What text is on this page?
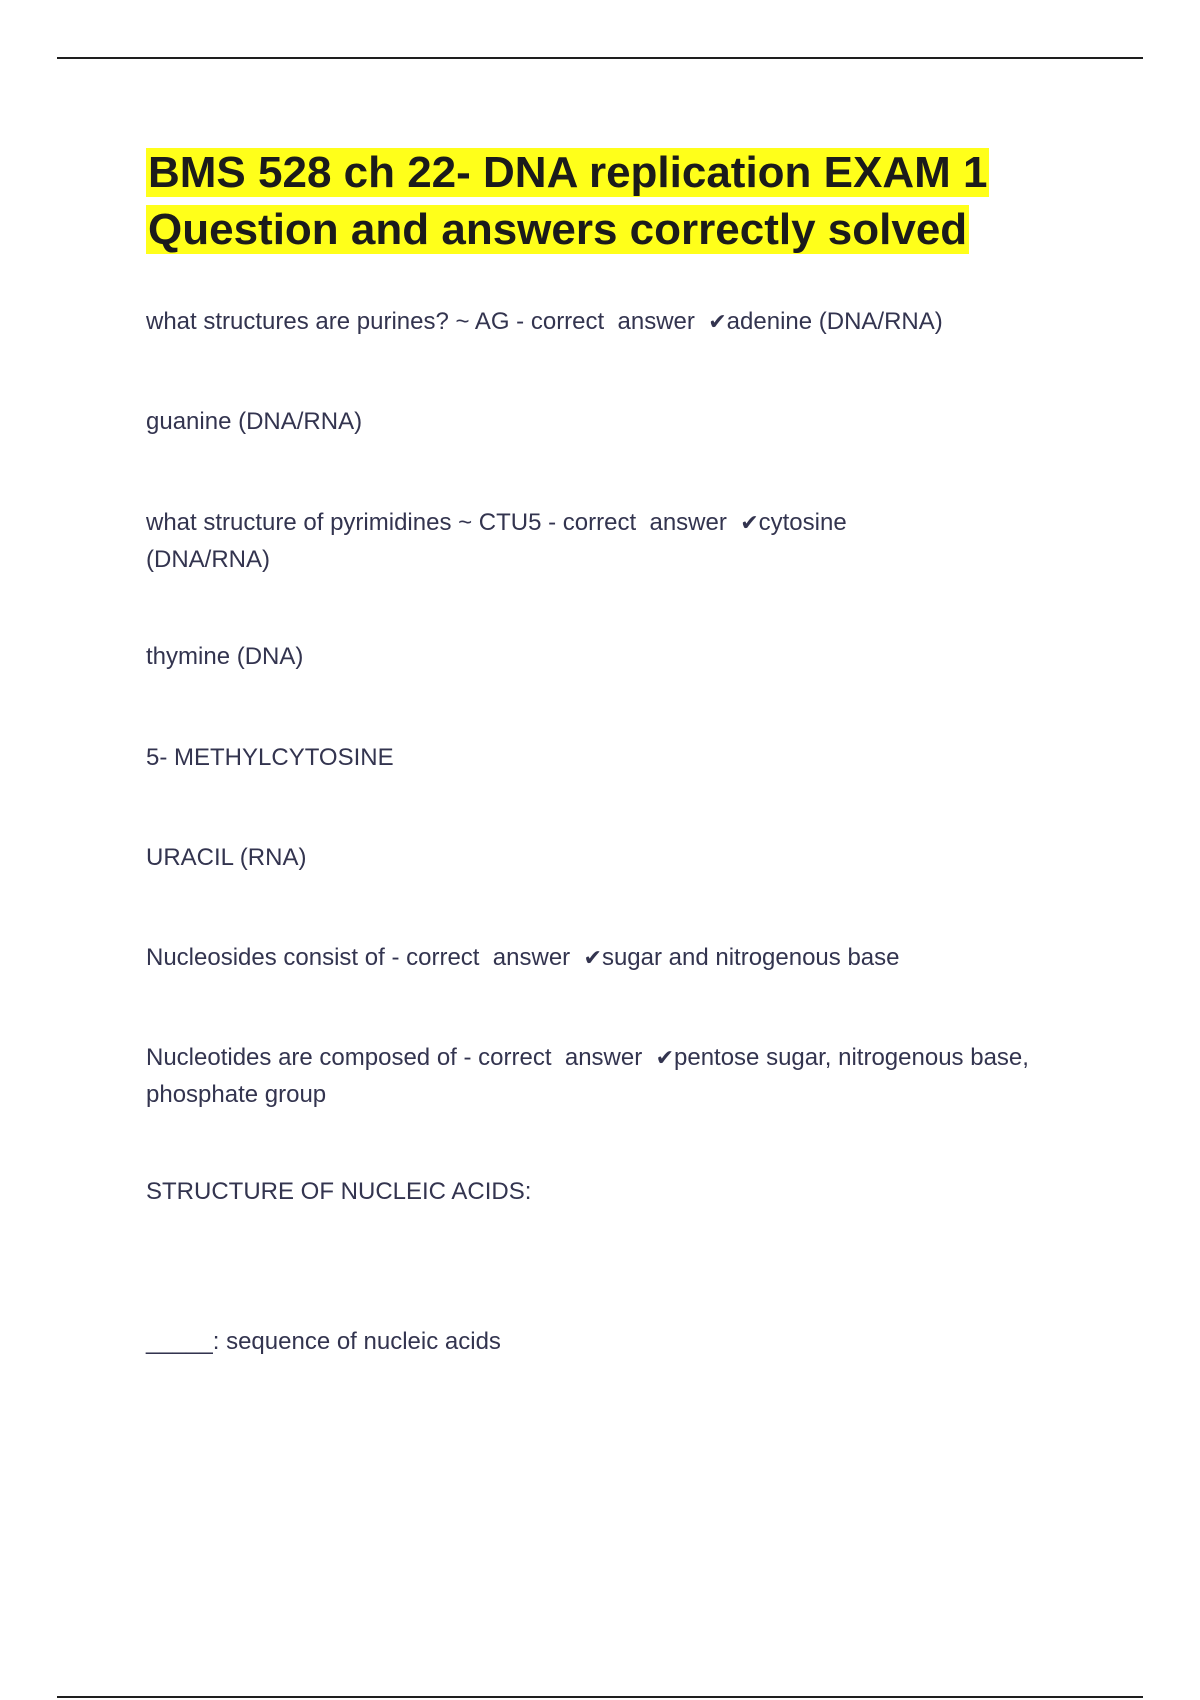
BMS 528 ch 22- DNA replication EXAM 1
Question and answers correctly solved

what structures are purines? ~ AG - correct  answer  ✔adenine (DNA/RNA)

guanine (DNA/RNA)

what structure of pyrimidines ~ CTU5 - correct  answer  ✔cytosine (DNA/RNA)

thymine (DNA)

5- METHYLCYTOSINE

URACIL (RNA)

Nucleosides consist of - correct  answer  ✔sugar and nitrogenous base

Nucleotides are composed of - correct  answer  ✔pentose sugar, nitrogenous base, phosphate group

STRUCTURE OF NUCLEIC ACIDS:

_____: sequence of nucleic acids
